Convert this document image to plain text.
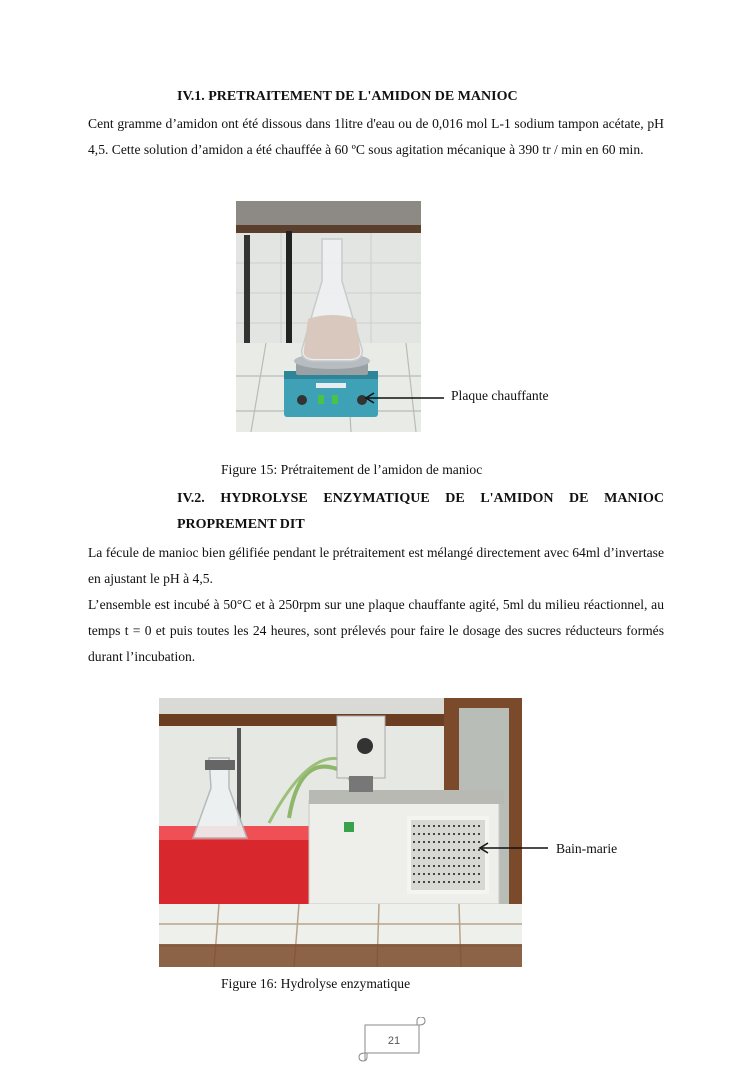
IV.1. PRETRAITEMENT DE L'AMIDON DE MANIOC

Cent gramme d’amidon ont été dissous dans 1litre d'eau ou de 0,016 mol L-1 sodium tampon acétate, pH 4,5. Cette solution d’amidon a été chauffée à 60 ºC sous agitation mécanique à 390 tr / min en 60 min.

Plaque chauffante
Figure 15: Prétraitement de l’amidon de manioc
IV.2. HYDROLYSE ENZYMATIQUE DE L'AMIDON DE MANIOC
PROPREMENT DIT

La fécule de manioc bien gélifiée pendant le prétraitement est mélangé directement avec 64ml d’invertase en ajustant le pH à 4,5.

L’ensemble est incubé à 50°C et à 250rpm sur une plaque chauffante agité, 5ml du milieu réactionnel, au temps t = 0 et puis toutes les 24 heures, sont prélevés pour faire le dosage des sucres réducteurs formés durant l’incubation.

Bain-marie
Figure 16: Hydrolyse enzymatique
21
